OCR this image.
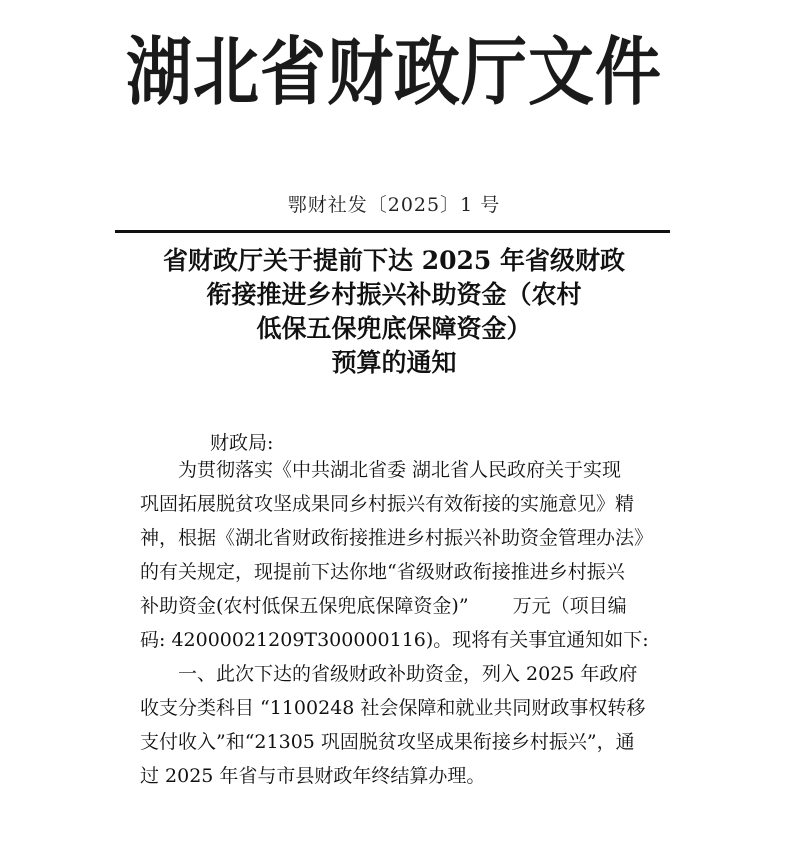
湖北省财政厅文件
鄂财社发〔2025〕1 号
省财政厅关于提前下达 2025 年省级财政
衔接推进乡村振兴补助资金（农村
低保五保兜底保障资金）
预算的通知
财政局:
　　为贯彻落实《中共湖北省委 湖北省人民政府关于实现
巩固拓展脱贫攻坚成果同乡村振兴有效衔接的实施意见》精
神，根据《湖北省财政衔接推进乡村振兴补助资金管理办法》
的有关规定，现提前下达你地“省级财政衔接推进乡村振兴
补助资金(农村低保五保兜底保障资金)”　　 万元（项目编
码: 42000021209T300000116)。现将有关事宜通知如下:
　　一、此次下达的省级财政补助资金，列入 2025 年政府
收支分类科目 “1100248 社会保障和就业共同财政事权转移
支付收入”和“21305 巩固脱贫攻坚成果衔接乡村振兴”，通
过 2025 年省与市县财政年终结算办理。
